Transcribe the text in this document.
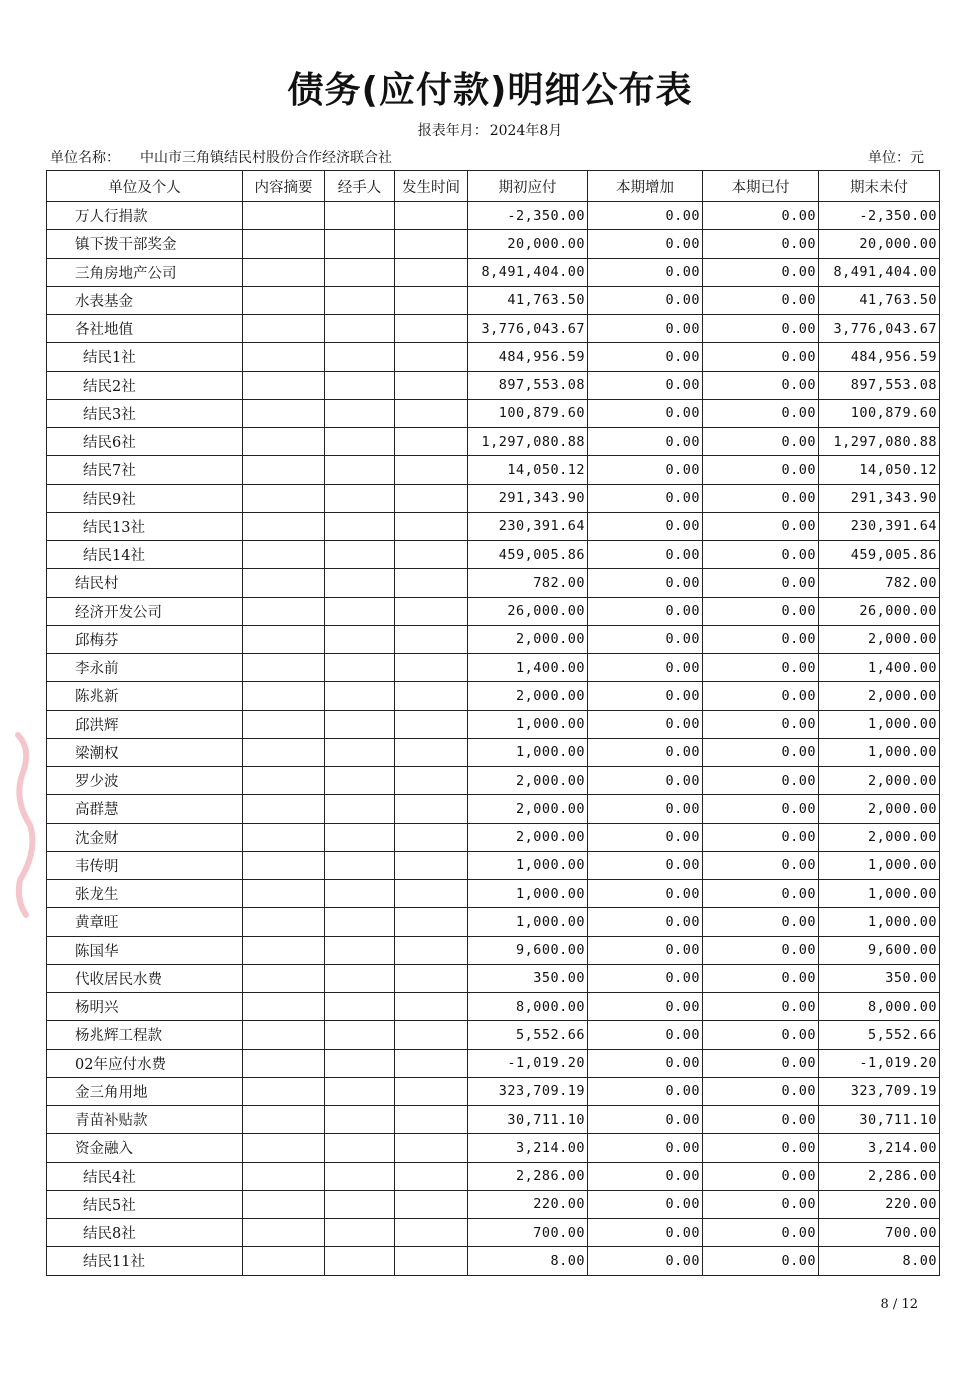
债务(应付款)明细公布表
报表年月： 2024年8月
单位名称： 中山市三角镇结民村股份合作经济联合社	单位：元
单位及个人	内容摘要	经手人	发生时间	期初应付	本期增加	本期已付	期末未付
万人行捐款				-2,350.00	0.00	0.00	-2,350.00
镇下拨干部奖金				20,000.00	0.00	0.00	20,000.00
三角房地产公司				8,491,404.00	0.00	0.00	8,491,404.00
水表基金				41,763.50	0.00	0.00	41,763.50
各社地值				3,776,043.67	0.00	0.00	3,776,043.67
结民1社				484,956.59	0.00	0.00	484,956.59
结民2社				897,553.08	0.00	0.00	897,553.08
结民3社				100,879.60	0.00	0.00	100,879.60
结民6社				1,297,080.88	0.00	0.00	1,297,080.88
结民7社				14,050.12	0.00	0.00	14,050.12
结民9社				291,343.90	0.00	0.00	291,343.90
结民13社				230,391.64	0.00	0.00	230,391.64
结民14社				459,005.86	0.00	0.00	459,005.86
结民村				782.00	0.00	0.00	782.00
经济开发公司				26,000.00	0.00	0.00	26,000.00
邱梅芬				2,000.00	0.00	0.00	2,000.00
李永前				1,400.00	0.00	0.00	1,400.00
陈兆新				2,000.00	0.00	0.00	2,000.00
邱洪辉				1,000.00	0.00	0.00	1,000.00
梁潮权				1,000.00	0.00	0.00	1,000.00
罗少波				2,000.00	0.00	0.00	2,000.00
高群慧				2,000.00	0.00	0.00	2,000.00
沈金财				2,000.00	0.00	0.00	2,000.00
韦传明				1,000.00	0.00	0.00	1,000.00
张龙生				1,000.00	0.00	0.00	1,000.00
黄章旺				1,000.00	0.00	0.00	1,000.00
陈国华				9,600.00	0.00	0.00	9,600.00
代收居民水费				350.00	0.00	0.00	350.00
杨明兴				8,000.00	0.00	0.00	8,000.00
杨兆辉工程款				5,552.66	0.00	0.00	5,552.66
02年应付水费				-1,019.20	0.00	0.00	-1,019.20
金三角用地				323,709.19	0.00	0.00	323,709.19
青苗补贴款				30,711.10	0.00	0.00	30,711.10
资金融入				3,214.00	0.00	0.00	3,214.00
结民4社				2,286.00	0.00	0.00	2,286.00
结民5社				220.00	0.00	0.00	220.00
结民8社				700.00	0.00	0.00	700.00
结民11社				8.00	0.00	0.00	8.00
8 / 12
